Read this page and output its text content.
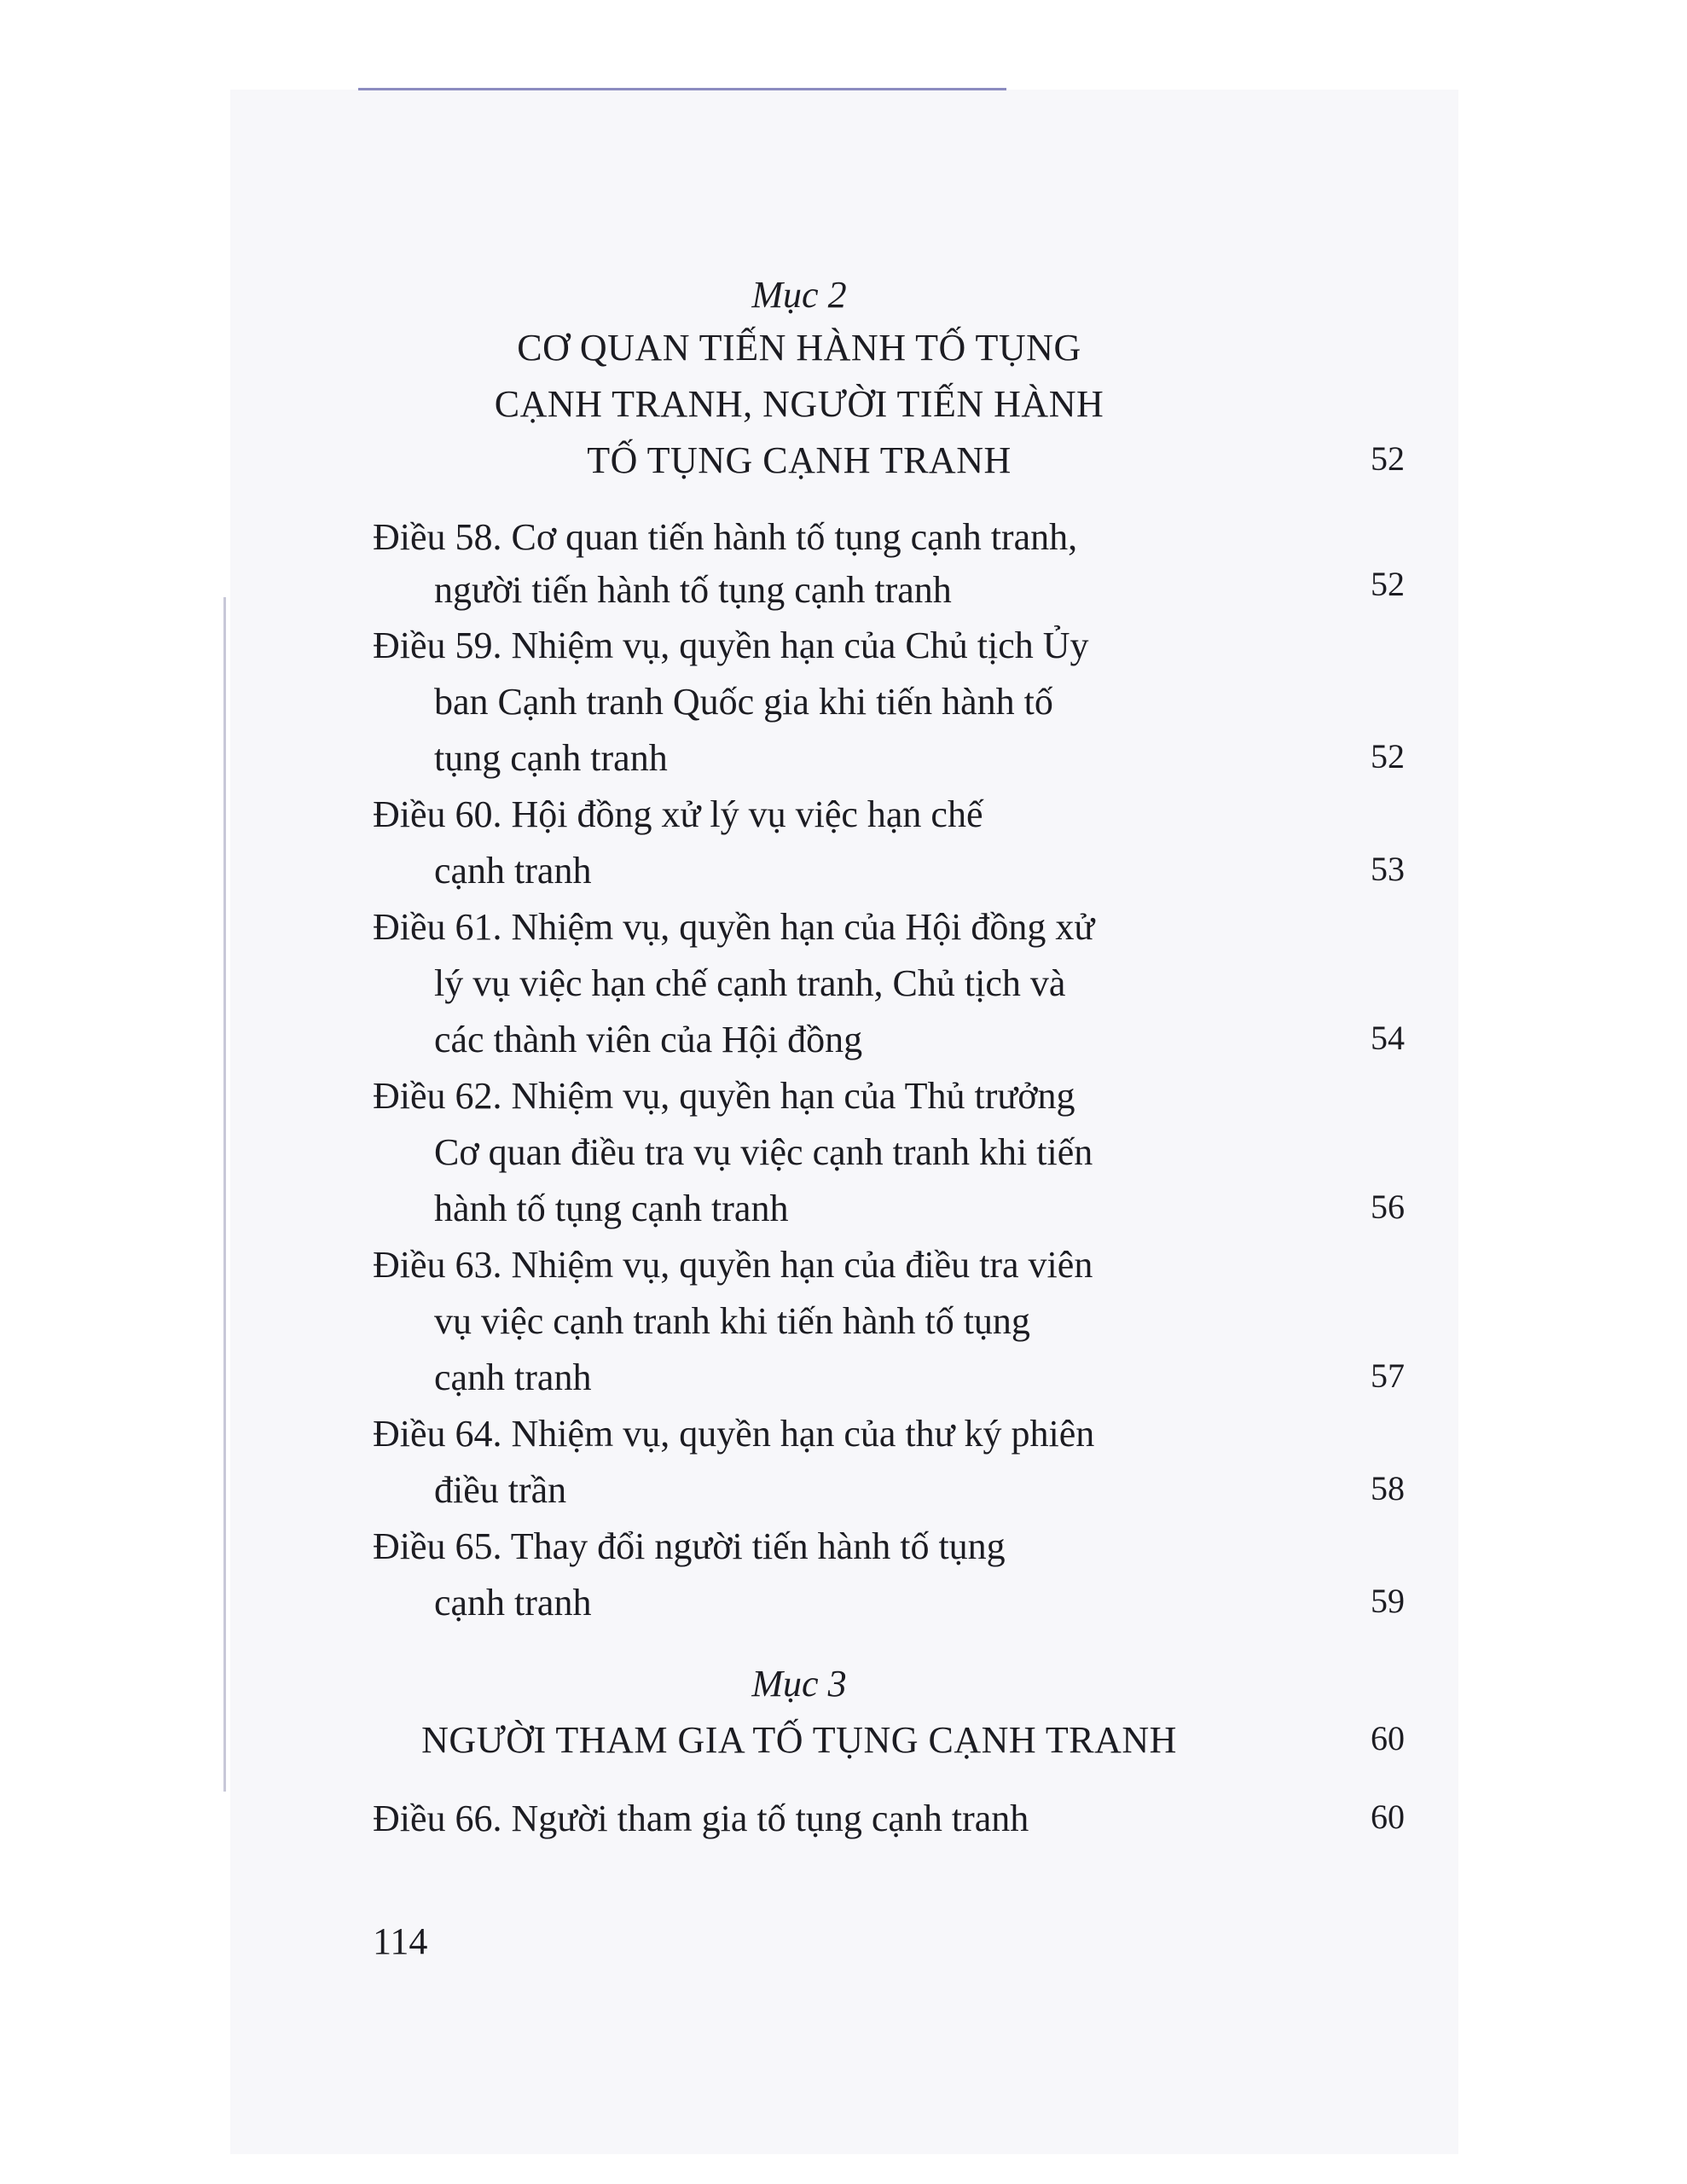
Mục 2
CƠ QUAN TIẾN HÀNH TỐ TỤNG
CẠNH TRANH, NGƯỜI TIẾN HÀNH
TỐ TỤNG CẠNH TRANH	52
Điều 58. Cơ quan tiến hành tố tụng cạnh tranh,
người tiến hành tố tụng cạnh tranh	52
Điều 59. Nhiệm vụ, quyền hạn của Chủ tịch Ủy
ban Cạnh tranh Quốc gia khi tiến hành tố
tụng cạnh tranh	52
Điều 60. Hội đồng xử lý vụ việc hạn chế
cạnh tranh	53
Điều 61. Nhiệm vụ, quyền hạn của Hội đồng xử
lý vụ việc hạn chế cạnh tranh, Chủ tịch và
các thành viên của Hội đồng	54
Điều 62. Nhiệm vụ, quyền hạn của Thủ trưởng
Cơ quan điều tra vụ việc cạnh tranh khi tiến
hành tố tụng cạnh tranh	56
Điều 63. Nhiệm vụ, quyền hạn của điều tra viên
vụ việc cạnh tranh khi tiến hành tố tụng
cạnh tranh	57
Điều 64. Nhiệm vụ, quyền hạn của thư ký phiên
điều trần	58
Điều 65. Thay đổi người tiến hành tố tụng
cạnh tranh	59
Mục 3
NGƯỜI THAM GIA TỐ TỤNG CẠNH TRANH	60
Điều 66. Người tham gia tố tụng cạnh tranh	60
114
